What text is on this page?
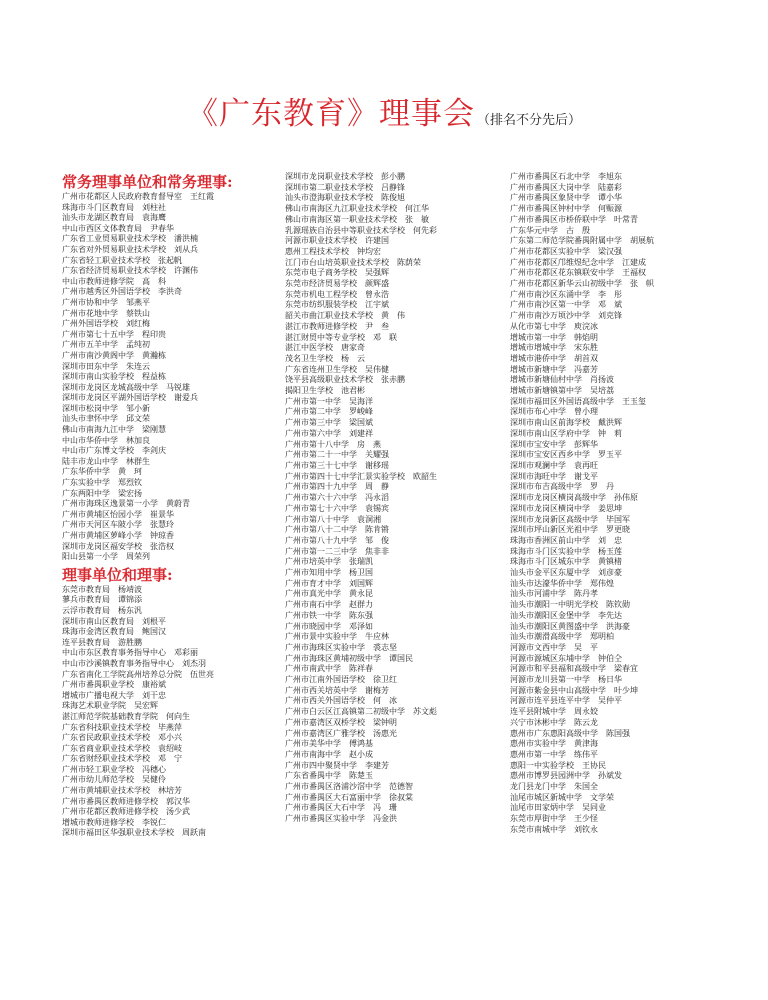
《广东教育》理事会 （排名不分先后）
常务理事单位和常务理事:
广州市花都区人民政府教育督导室　王红霞
珠海市斗门区教育局　刘柱社
汕头市龙湖区教育局　袁海鹰
中山市西区文体教育局　尹春华
广东省工业贸易职业技术学校　潘洪楠
广东省对外贸易职业技术学校　刘从兵
广东省轻工职业技术学校　张起帆
广东省经济贸易职业技术学校　许渊伟
中山市教师进修学院　高　科
广州市越秀区外国语学校　李洪奇
广州市协和中学　邹燕平
广州市花地中学　蔡铁山
广州外国语学校　刘红梅
广州市第七十五中学　程印贵
广州市五羊中学　孟纯初
广州市南沙黄阁中学　黄瀚栋
深圳市田东中学　朱连云
深圳市南山实验学校　程益栋
深圳市龙岗区龙城高级中学　马锐雄
深圳市龙岗区平湖外国语学校　谢爱兵
深圳市松岗中学　邹小新
汕头市聿怀中学　邱文荣
佛山市南海九江中学　梁刚慧
中山市华侨中学　林加良
中山市广东博文学校　李剑庆
陆丰市龙山中学　林群生
广东华侨中学　黄　珂
广东实验中学　郑烈钦
广东两阳中学　梁宏扬
广州市海珠区逸景第一小学　黄蔚青
广州市黄埔区怡园小学　崔景华
广州市天河区车陂小学　张慧玲
广州市黄埔区萝峰小学　钟琼香
深圳市龙岗区福安学校　张浩权
阳山县第一小学　周荣列
理事单位和理事:
东莞市教育局　杨靖波
蓼兵市教育局　谭锦添
云浮市教育局　杨东汎
深圳市南山区教育局　刘根平
珠海市金湾区教育局　鲍国汉
连平县教育局　游胜鹏
中山市东区教育事务指导中心　邓彩丽
中山市沙溪镇教育事务指导中心　刘杰羽
广东省南化工学院高州培养总分院　伍世亮
广州市番禺职业学校　康裕斌
增城市广播电视大学　刘干忠
珠海艺术职业学院　吴宏辉
湛江师范学院基础教育学院　何向生
广东省科技职业技术学校　毕燕萍
广东省民政职业技术学校　邓小兴
广东省商业职业技术学校　袁绍岐
广东省财经职业技术学校　邓　宁
广州市轻工职业学校　冯穗心
广州市幼儿师范学校　吴健伶
广州市黄埔职业技术学校　林培芳
广州市番禺区教师进修学校　郭汉华
广州市花都区教师进修学校　汤少武
增城市教师进修学校　李锐仁
深圳市福田区华强职业技术学校　周跃南
深圳市龙岗职业技术学校　彭小鹏
深圳市第二职业技术学校　吕静锋
汕头市澄海职业技术学校　陈俊旭
佛山市南海区九江职业技术学校　何江华
佛山市南海区第一职业技术学校　张　敏
乳源瑶族自治县中等职业技术学校　何先彩
河源市职业技术学校　许建国
惠州工程技术学校　钟均宏
江门市台山培英职业技术学校　陈荫荣
东莞市电子商务学校　吴强辉
东莞市经济贸易学校　颜辉盛
东莞市机电工程学校　曾永浩
东莞市纺织服装学校　江宇斌
韶关市曲江职业技术学校　黄　伟
湛江市教师进修学校　尹　叁
湛江财贸中等专业学校　邓　联
湛江中医学校　唐家奇
茂名卫生学校　杨　云
广东省连州卫生学校　吴伟健
饶平县高级职业技术学校　张赤鹏
揭阳卫生学校　池君彬
广州市第一中学　吴海洋
广州市第二中学　罗峻峰
广州市第三中学　梁国斌
广州市第六中学　刘建祥
广州市第十八中学　房　燕
广州市第二十一中学　关耀强
广州市第三十七中学　谢移瑶
广州市第四十七中学汇景实验学校　欧韶生
广州市第四十九中学　周　静
广州市第六十六中学　冯永滔
广州市第七十六中学　袁锡宾
广州市第八十中学　袁洞湘
广州市第八十二中学　陈肯锵
广州市第八十九中学　邹　俊
广州市第一二三中学　焦非非
广州市培英中学　张瑞凯
广州市知用中学　杨卫国
广州市育才中学　刘国辉
广州市真光中学　黄永昆
广州市南石中学　赵群力
广州市铁一中学　陈东强
广州市晓园中学　邓泽如
广州市景中实验中学　牛应林
广州市海珠区实验中学　裘志坚
广州市海珠区黄埔初级中学　谭国民
广州市南武中学　陈祥春
广州市江南外国语学校　徐卫红
广州市西关培英中学　谢梅芳
广州市西关外国语学校　何　冰
广州市白云区江高镇第二初级中学　苏文彪
广州市嘉湾区双桥学校　梁钟明
广州市嘉湾区广雅学校　汤惠光
广州市美华中学　傅鸿基
广州市南海中学　赵小成
广州市四中聚贤中学　李建芳
广东省番禺中学　陈楚玉
广州市番禺区洛浦沙滘中学　范德智
广州市番禺区大石富丽中学　徐叔棠
广州市番禺区大石中学　冯　珊
广州市番禺区实验中学　冯金洪
广州市番禺区石北中学　李旭东
广州市番禺区大岗中学　陆嘉彩
广州市番禺区象贤中学　谭小华
广州市番禺区钟村中学　何赈源
广州市番禺区市桥侨联中学　叶常青
广东华元中学　古　殷
广东第二师范学院番禺附属中学　胡展航
广州市花都区实验中学　梁汉强
广州市花都区邝维煜纪念中学　江建成
广州市花都区花东镇联安中学　王福权
广州市花都区新华云山初级中学　张　帜
广州市南沙区东涌中学　李　彤
广州市南沙区第一中学　邓　斌
广州市南沙万顷沙中学　刘克锋
从化市第七中学　庾浣冰
增城市第一中学　韩焰明
增城市增城中学　宋东胜
增城市港侨中学　胡首双
增城市新塘中学　冯嘉芳
增城市新塘仙村中学　肖扬波
增城市新塘镇第中学　吴培荔
深圳市福田区外国语高级中学　王玉玺
深圳市布心中学　曾小理
深圳市南山区前海学校　戴洪辉
深圳市南山区学府中学　钟　莉
深圳市宝安中学　彭辉华
深圳市宝安区西乡中学　罗玉平
深圳市观澜中学　袁再旺
深圳市海旺中学　谢戈平
深圳市布吉高级中学　罗　丹
深圳市龙岗区横岗高级中学　孙伟原
深圳市龙岗区横岗中学　姜思坤
深圳市龙岗新区高级中学　毕国军
深圳市坪山新区光祖中学　罗更晓
珠海市香洲区前山中学　刘　忠
珠海市斗门区实验中学　杨玉莲
珠海市斗门区城东中学　黄镇楮
汕头市金平区东厦中学　刘彦豪
汕头市达濠华侨中学　郑伟煌
汕头市河浦中学　陈丹孝
汕头市潮阳一中明光学校　陈钦勋
汕头市潮阳区金堡中学　李先达
汕头市潮阳区黄图盛中学　洪海豪
汕头市潮滑高级中学　郑明柏
河源市文西中学　吴　平
河源市源城区东埔中学　钟伯仝
河源市和平县福和高级中学　梁春宜
河源市龙川县第一中学　杨日华
河源市紫金县中山高级中学　叶少坤
河源市连平县连平中学　吴仲平
连平县附城中学　周永姣
兴宁市沐彬中学　陈云龙
惠州市广东惠阳高级中学　陈国强
惠州市实验中学　黄津海
惠州市第一中学　练伟平
惠阳一中实验学校　王协民
惠州市博罗县园洲中学　孙斌发
龙门县龙门中学　朱国全
汕尾市城区新城中学　文学荣
汕尾市田家炳中学　吴同业
东莞市厚街中学　王少怪
东莞市南城中学　刘钦永
